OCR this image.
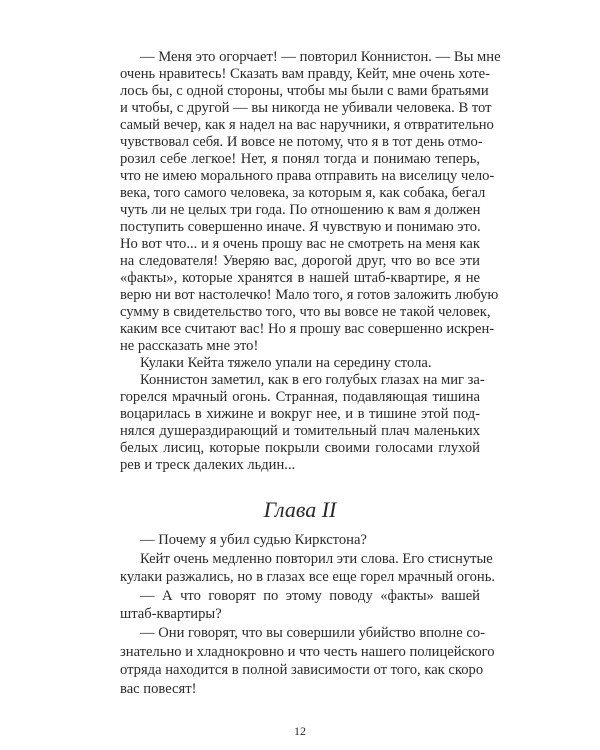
— Меня это огорчает! — повторил Коннистон. — Вы мне
очень нравитесь! Сказать вам правду, Кейт, мне очень хоте-
лось бы, с одной стороны, чтобы мы были с вами братьями
и чтобы, с другой — вы никогда не убивали человека. В тот
самый вечер, как я надел на вас наручники, я отвратительно
чувствовал себя. И вовсе не потому, что я в тот день отмо-
розил себе легкое! Нет, я понял тогда и понимаю теперь,
что не имею морального права отправить на виселицу чело-
века, того самого человека, за которым я, как собака, бегал
чуть ли не целых три года. По отношению к вам я должен
поступить совершенно иначе. Я чувствую и понимаю это.
Но вот что... и я очень прошу вас не смотреть на меня как
на следователя! Уверяю вас, дорогой друг, что во все эти
«факты», которые хранятся в нашей штаб-квартире, я не
верю ни вот настолечко! Мало того, я готов заложить любую
сумму в свидетельство того, что вы вовсе не такой человек,
каким все считают вас! Но я прошу вас совершенно искрен-
не рассказать мне это!
Кулаки Кейта тяжело упали на середину стола.
Коннистон заметил, как в его голубых глазах на миг за-
горелся мрачный огонь. Странная, подавляющая тишина
воцарилась в хижине и вокруг нее, и в тишине этой под-
нялся душераздирающий и томительный плач маленьких
белых лисиц, которые покрыли своими голосами глухой
рев и треск далеких льдин...
Глава II
— Почему я убил судью Киркстона?
Кейт очень медленно повторил эти слова. Его стиснутые
кулаки разжались, но в глазах все еще горел мрачный огонь.
— А что говорят по этому поводу «факты» вашей
штаб-квартиры?
— Они говорят, что вы совершили убийство вполне со-
знательно и хладнокровно и что честь нашего полицейского
отряда находится в полной зависимости от того, как скоро
вас повесят!
12
